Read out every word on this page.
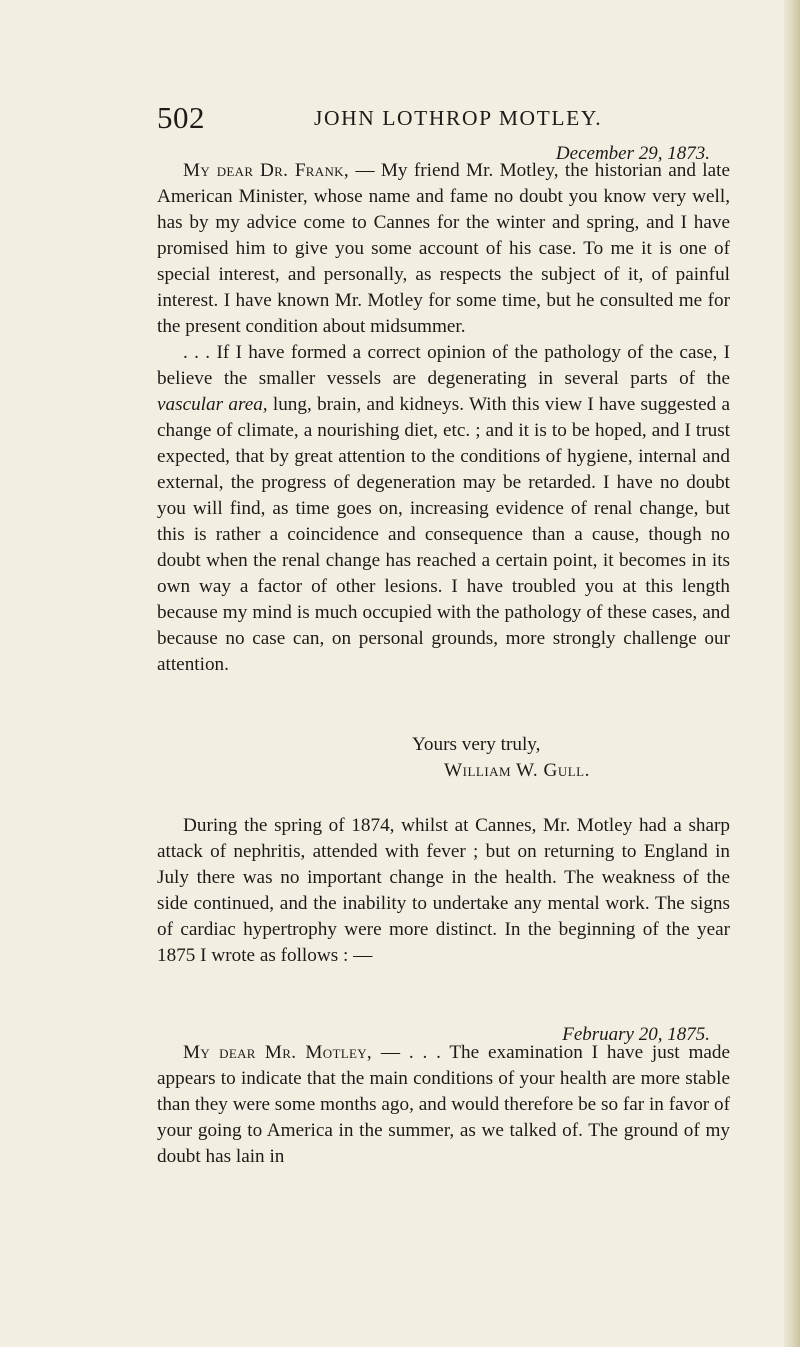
502	JOHN LOTHROP MOTLEY.
December 29, 1873.

My dear Dr. Frank, — My friend Mr. Motley, the historian and late American Minister, whose name and fame no doubt you know very well, has by my advice come to Cannes for the winter and spring, and I have promised him to give you some account of his case. To me it is one of special interest, and personally, as respects the subject of it, of painful interest. I have known Mr. Motley for some time, but he consulted me for the present condition about midsummer.

. . . If I have formed a correct opinion of the pathology of the case, I believe the smaller vessels are degenerating in several parts of the vascular area, lung, brain, and kidneys. With this view I have suggested a change of climate, a nourishing diet, etc. ; and it is to be hoped, and I trust expected, that by great attention to the conditions of hygiene, internal and external, the progress of degeneration may be retarded. I have no doubt you will find, as time goes on, increasing evidence of renal change, but this is rather a coincidence and consequence than a cause, though no doubt when the renal change has reached a certain point, it becomes in its own way a factor of other lesions. I have troubled you at this length because my mind is much occupied with the pathology of these cases, and because no case can, on personal grounds, more strongly challenge our attention.

Yours very truly,
William W. Gull.

During the spring of 1874, whilst at Cannes, Mr. Motley had a sharp attack of nephritis, attended with fever ; but on returning to England in July there was no important change in the health. The weakness of the side continued, and the inability to undertake any mental work. The signs of cardiac hypertrophy were more distinct. In the beginning of the year 1875 I wrote as follows : —

February 20, 1875.

My dear Mr. Motley, — . . . The examination I have just made appears to indicate that the main conditions of your health are more stable than they were some months ago, and would therefore be so far in favor of your going to America in the summer, as we talked of. The ground of my doubt has lain in
